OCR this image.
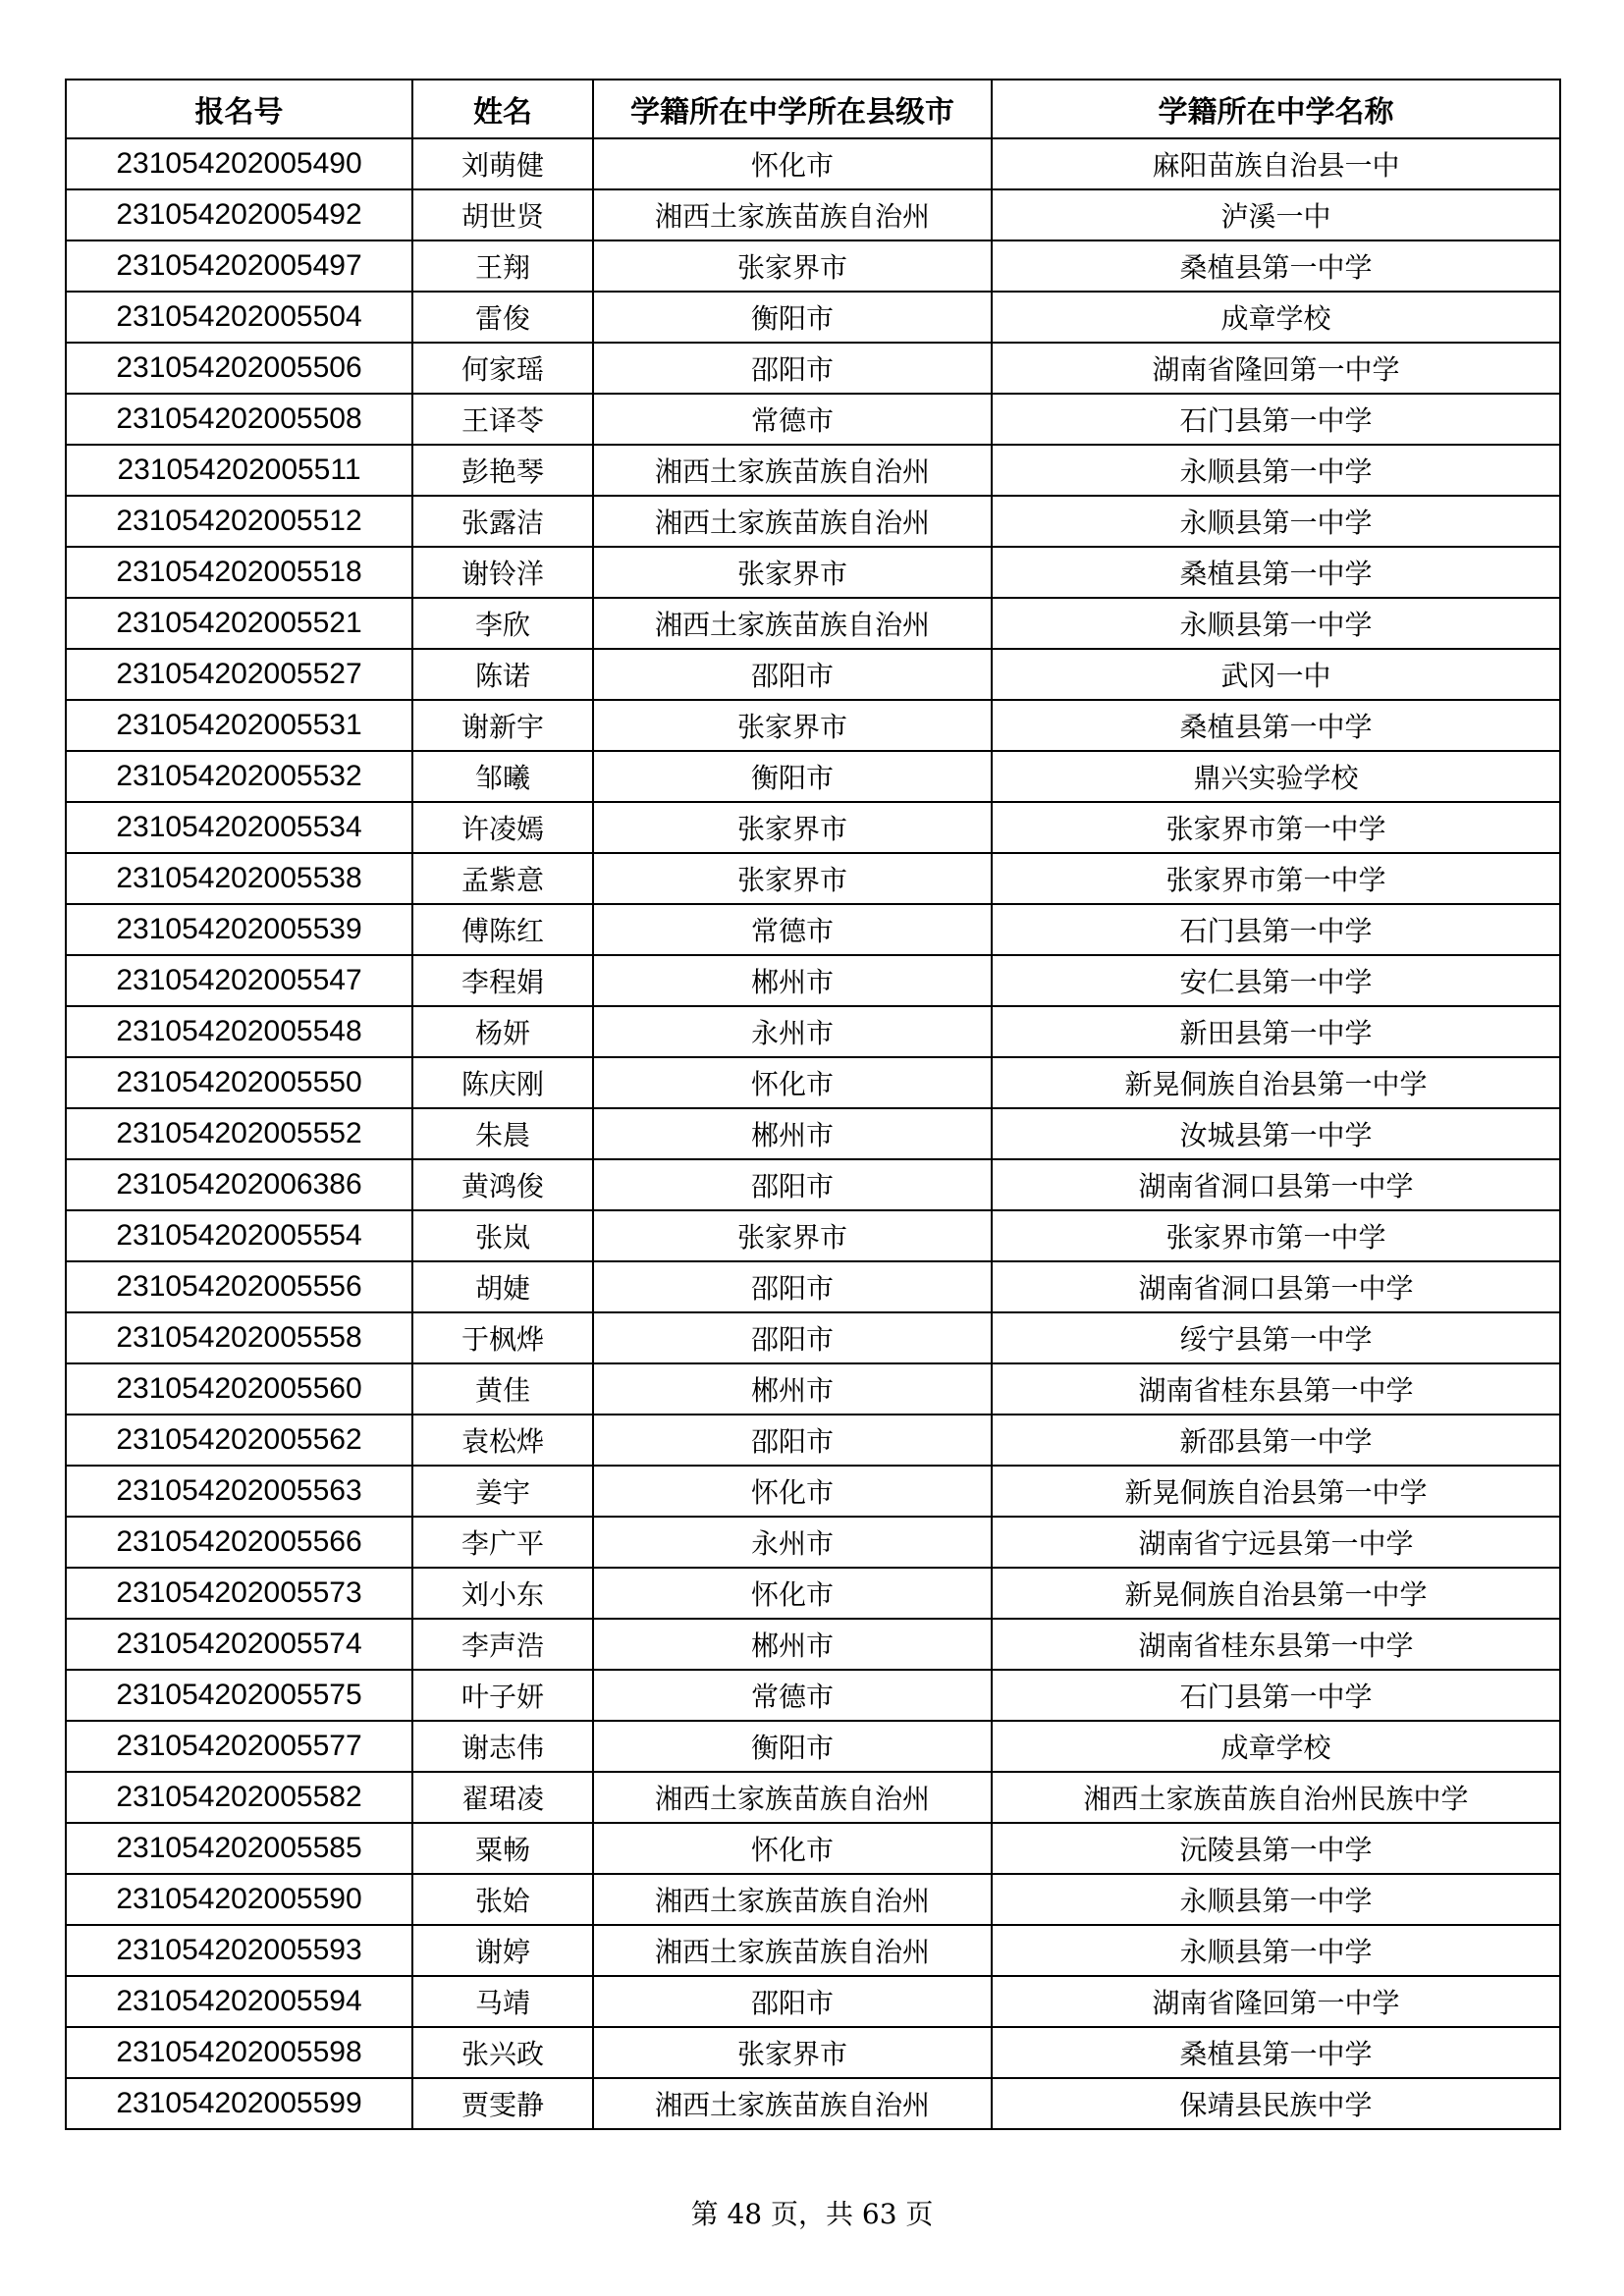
报名号	姓名	学籍所在中学所在县级市	学籍所在中学名称
231054202005490	刘萌健	怀化市	麻阳苗族自治县一中
231054202005492	胡世贤	湘西土家族苗族自治州	泸溪一中
231054202005497	王翔	张家界市	桑植县第一中学
231054202005504	雷俊	衡阳市	成章学校
231054202005506	何家瑶	邵阳市	湖南省隆回第一中学
231054202005508	王译苓	常德市	石门县第一中学
231054202005511	彭艳琴	湘西土家族苗族自治州	永顺县第一中学
231054202005512	张露洁	湘西土家族苗族自治州	永顺县第一中学
231054202005518	谢铃洋	张家界市	桑植县第一中学
231054202005521	李欣	湘西土家族苗族自治州	永顺县第一中学
231054202005527	陈诺	邵阳市	武冈一中
231054202005531	谢新宇	张家界市	桑植县第一中学
231054202005532	邹曦	衡阳市	鼎兴实验学校
231054202005534	许凌嫣	张家界市	张家界市第一中学
231054202005538	孟紫意	张家界市	张家界市第一中学
231054202005539	傅陈红	常德市	石门县第一中学
231054202005547	李程娟	郴州市	安仁县第一中学
231054202005548	杨妍	永州市	新田县第一中学
231054202005550	陈庆刚	怀化市	新晃侗族自治县第一中学
231054202005552	朱晨	郴州市	汝城县第一中学
231054202006386	黄鸿俊	邵阳市	湖南省洞口县第一中学
231054202005554	张岚	张家界市	张家界市第一中学
231054202005556	胡婕	邵阳市	湖南省洞口县第一中学
231054202005558	于枫烨	邵阳市	绥宁县第一中学
231054202005560	黄佳	郴州市	湖南省桂东县第一中学
231054202005562	袁松烨	邵阳市	新邵县第一中学
231054202005563	姜宇	怀化市	新晃侗族自治县第一中学
231054202005566	李广平	永州市	湖南省宁远县第一中学
231054202005573	刘小东	怀化市	新晃侗族自治县第一中学
231054202005574	李声浩	郴州市	湖南省桂东县第一中学
231054202005575	叶子妍	常德市	石门县第一中学
231054202005577	谢志伟	衡阳市	成章学校
231054202005582	翟珺凌	湘西土家族苗族自治州	湘西土家族苗族自治州民族中学
231054202005585	粟畅	怀化市	沅陵县第一中学
231054202005590	张姶	湘西土家族苗族自治州	永顺县第一中学
231054202005593	谢婷	湘西土家族苗族自治州	永顺县第一中学
231054202005594	马靖	邵阳市	湖南省隆回第一中学
231054202005598	张兴政	张家界市	桑植县第一中学
231054202005599	贾雯静	湘西土家族苗族自治州	保靖县民族中学
第 48 页，共 63 页
